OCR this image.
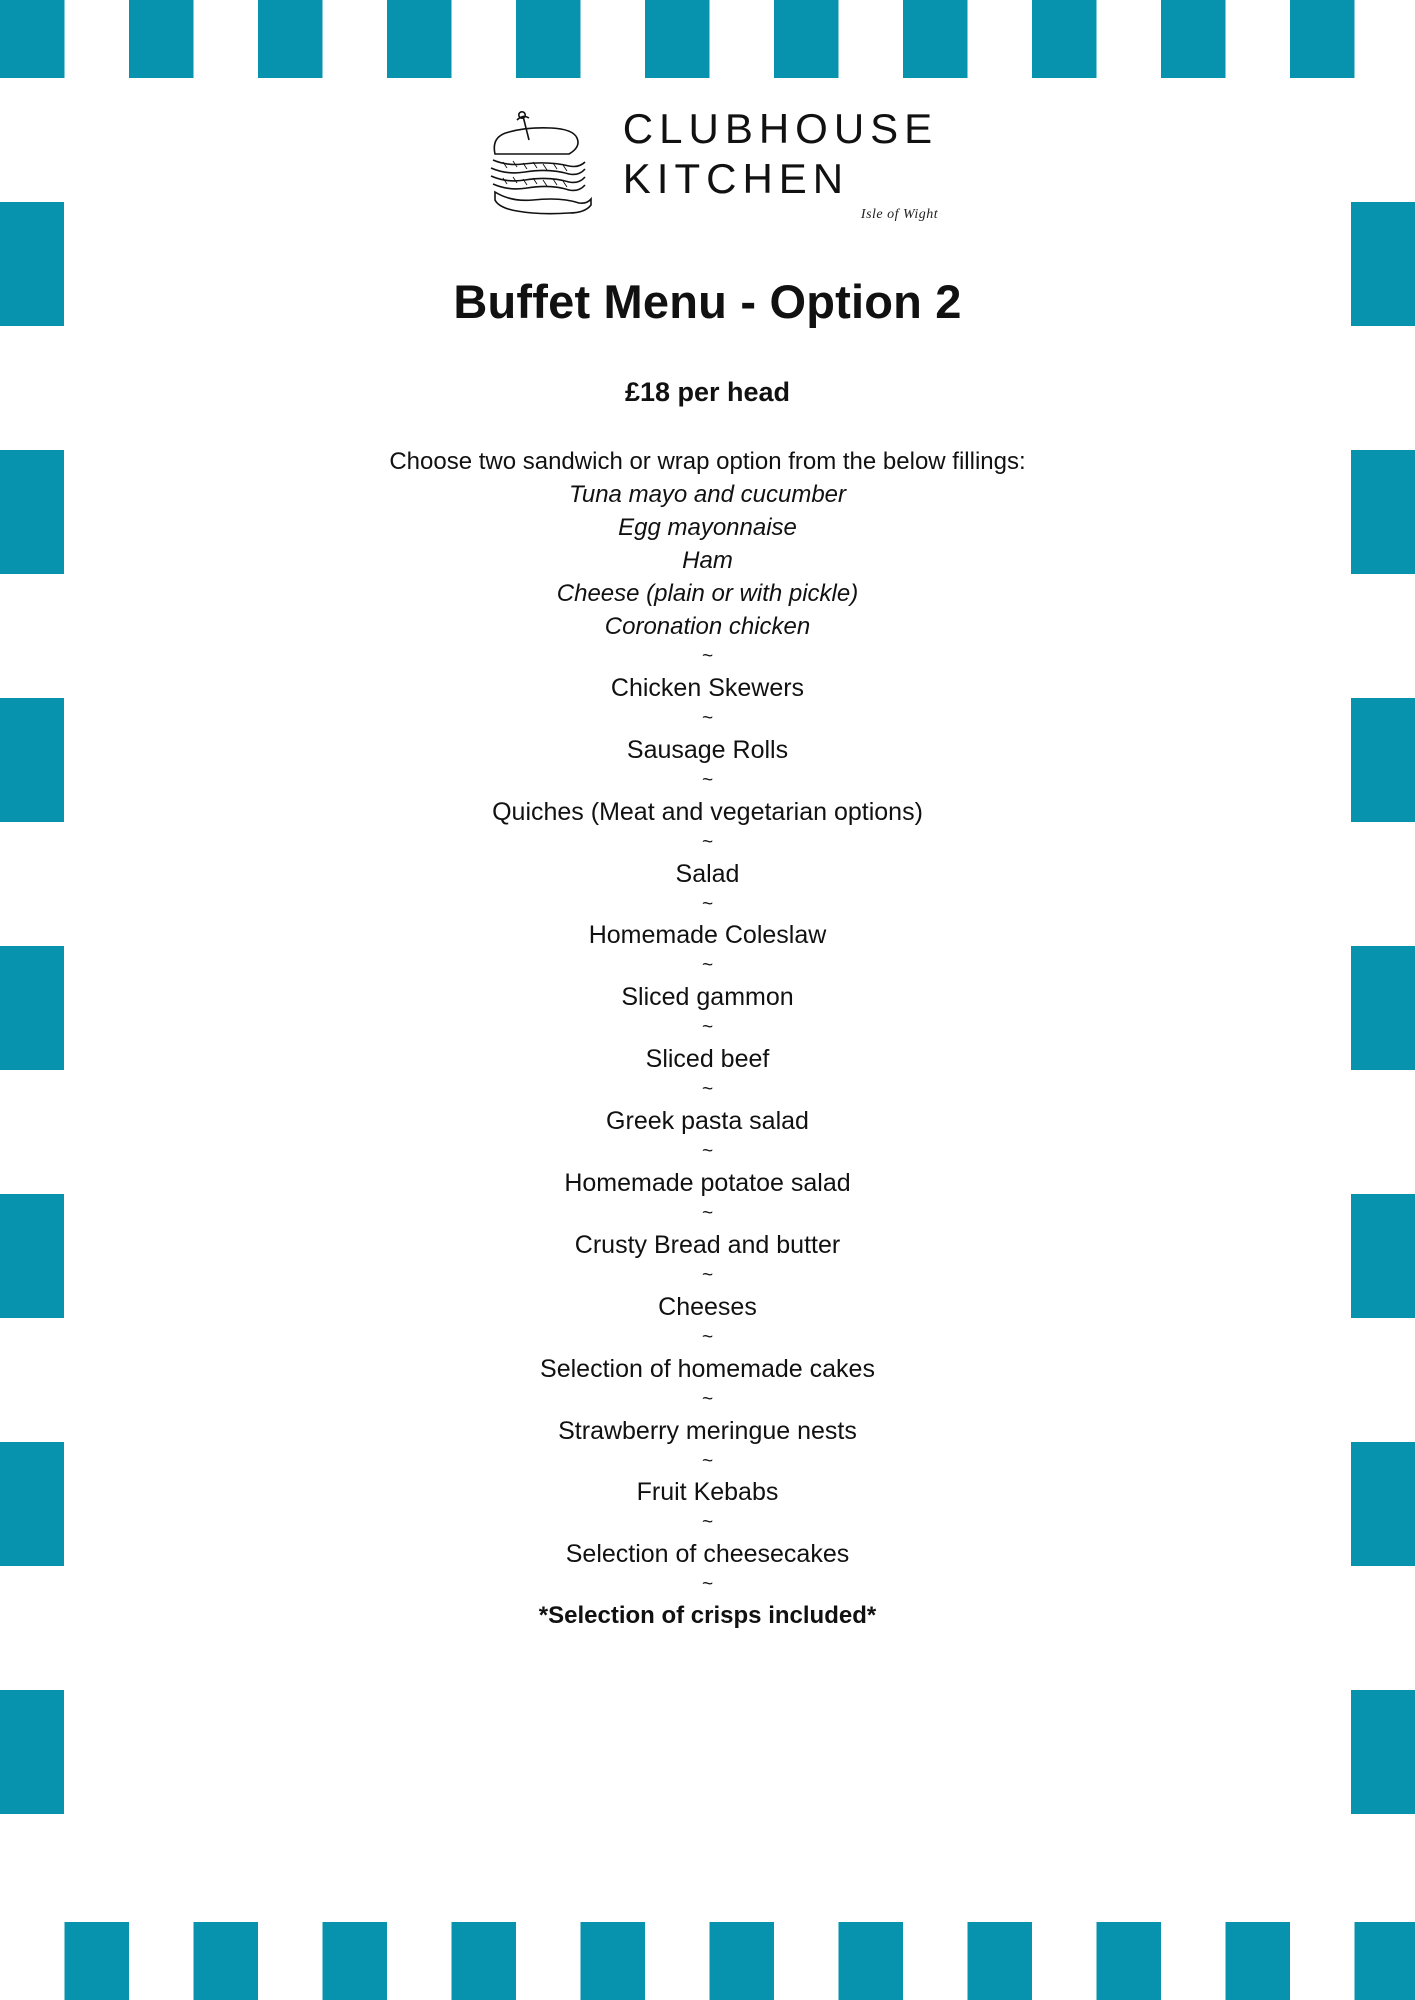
CLUBHOUSE
KITCHEN
Isle of Wight
Buffet Menu - Option 2
£18 per head
Choose two sandwich or wrap option from the below fillings:
Tuna mayo and cucumber
Egg mayonnaise
Ham
Cheese (plain or with pickle)
Coronation chicken
~
Chicken Skewers
~
Sausage Rolls
~
Quiches (Meat and vegetarian options)
~
Salad
~
Homemade Coleslaw
~
Sliced gammon
~
Sliced beef
~
Greek pasta salad
~
Homemade potatoe salad
~
Crusty Bread and butter
~
Cheeses
~
Selection of homemade cakes
~
Strawberry meringue nests
~
Fruit Kebabs
~
Selection of cheesecakes
~
*Selection of crisps included*
